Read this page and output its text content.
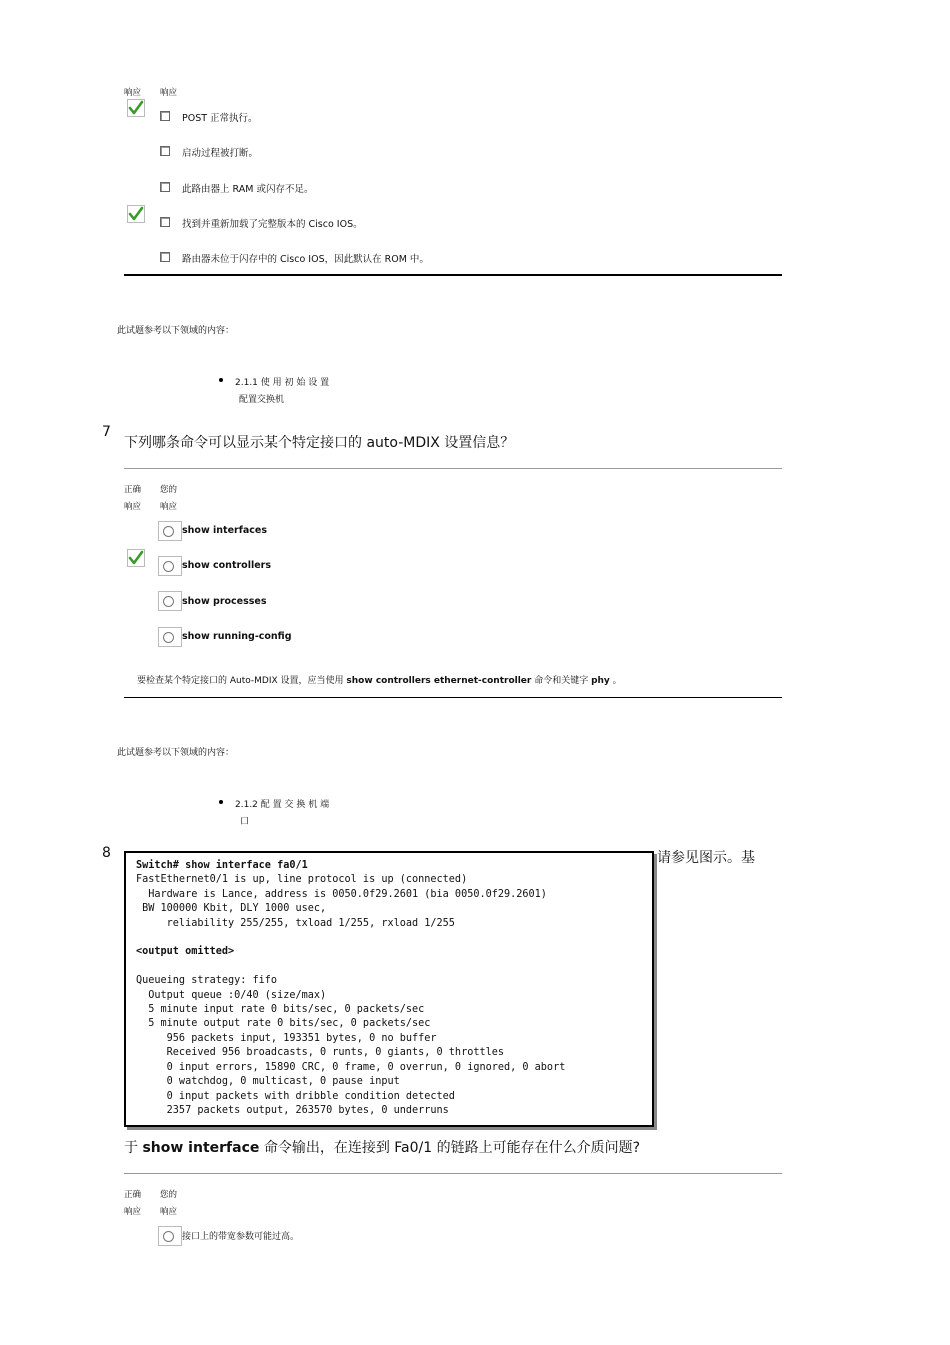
响应 响应
POST 正常执行。
启动过程被打断。
此路由器上 RAM 或闪存不足。
找到并重新加载了完整版本的 Cisco IOS。
路由器未位于闪存中的 Cisco IOS，因此默认在 ROM 中。
此试题参考以下领域的内容：
2.1.1 使 用 初 始 设 置
配置交换机
7
下列哪条命令可以显示某个特定接口的 auto-MDIX 设置信息？
正确
响应
您的
响应
show interfaces
show controllers
show processes
show running-config
要检查某个特定接口的 Auto-MDIX 设置，应当使用 show controllers ethernet-controller 命令和关键字 phy 。
此试题参考以下领域的内容：
2.1.2 配 置 交 换 机 端
口
8
Switch# show interface fa0/1
FastEthernet0/1 is up, line protocol is up (connected)
Hardware is Lance, address is 0050.0f29.2601 (bia 0050.0f29.2601)
BW 100000 Kbit, DLY 1000 usec,
reliability 255/255, txload 1/255, rxload 1/255

<output omitted>

Queueing strategy: fifo
Output queue :0/40 (size/max)
5 minute input rate 0 bits/sec, 0 packets/sec
5 minute output rate 0 bits/sec, 0 packets/sec
956 packets input, 193351 bytes, 0 no buffer
Received 956 broadcasts, 0 runts, 0 giants, 0 throttles
0 input errors, 15890 CRC, 0 frame, 0 overrun, 0 ignored, 0 abort
0 watchdog, 0 multicast, 0 pause input
0 input packets with dribble condition detected
2357 packets output, 263570 bytes, 0 underruns

请参见图示。基
于 show interface 命令输出，在连接到 Fa0/1 的链路上可能存在什么介质问题?
正确
响应
您的
响应
接口上的带宽参数可能过高。
